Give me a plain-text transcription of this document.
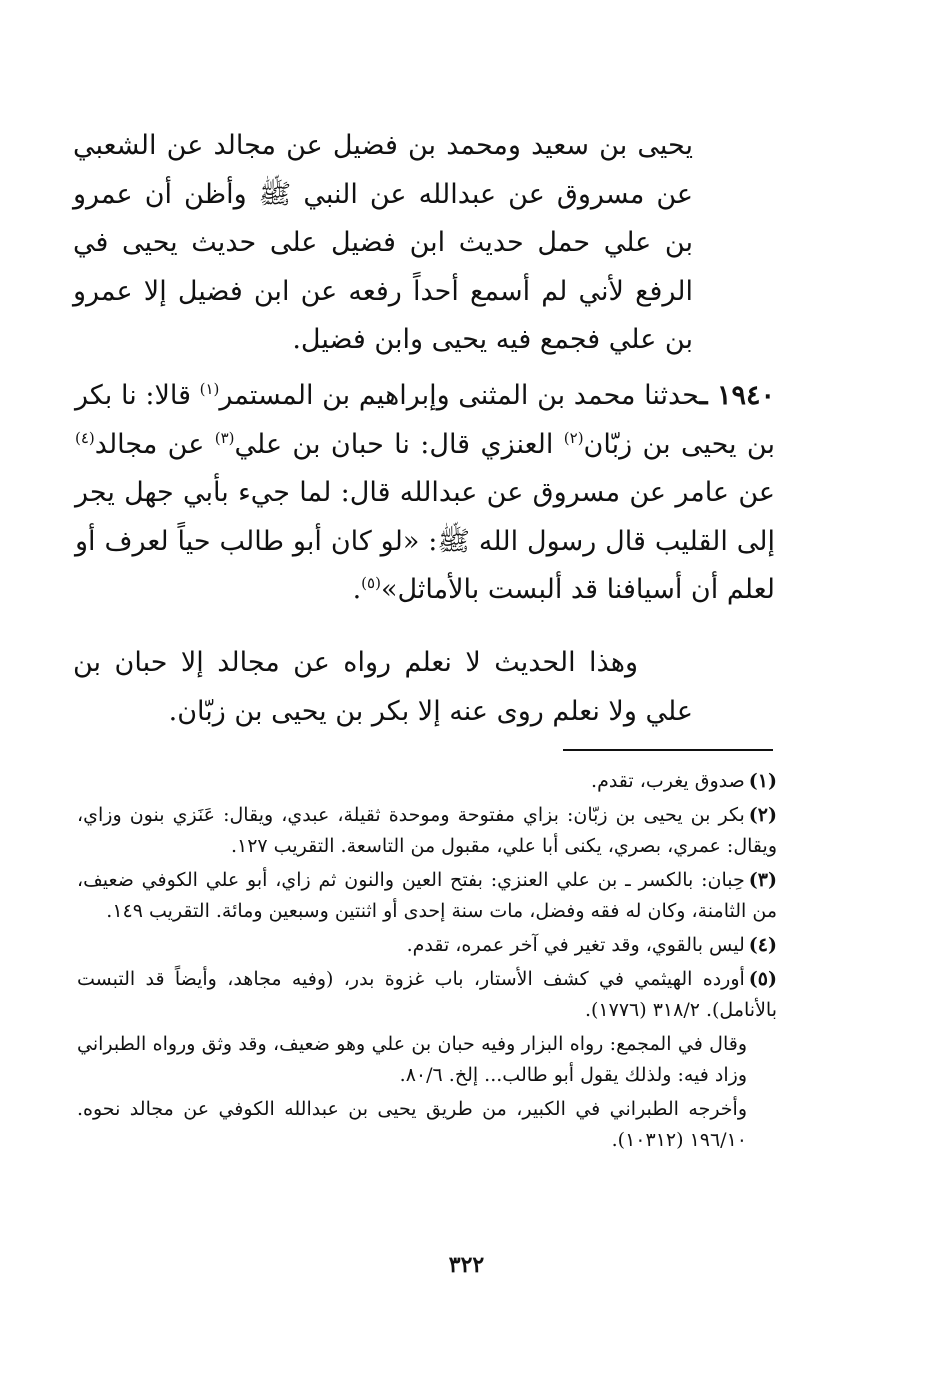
يحيى بن سعيد ومحمد بن فضيل عن مجالد عن الشعبي عن مسروق عن عبدالله عن النبي ﷺ وأظن أن عمرو بن علي حمل حديث ابن فضيل على حديث يحيى في الرفع لأني لم أسمع أحداً رفعه عن ابن فضيل إلا عمرو بن علي فجمع فيه يحيى وابن فضيل.

١٩٤٠ ـحدثنا محمد بن المثنى وإبراهيم بن المستمر$^{(١)}$ قالا: نا بكر بن يحيى بن زبّان$^{(٢)}$ العنزي قال: نا حبان بن علي$^{(٣)}$ عن مجالد$^{(٤)}$ عن عامر عن مسروق عن عبدالله قال: لما جيء بأبي جهل يجر إلى القليب قال رسول الله ﷺ: «لو كان أبو طالب حياً لعرف أو لعلم أن أسيافنا قد ألبست بالأماثل»$^{(٥)}$.

وهذا الحديث لا نعلم رواه عن مجالد إلا حبان بن علي ولا نعلم روى عنه إلا بكر بن يحيى بن زبّان.

(١)صدوق يغرب، تقدم.

(٢)بكر بن يحيى بن زبّان: بزاي مفتوحة وموحدة ثقيلة، عبدي، ويقال: عَنَزي بنون وزاي، ويقال: عمري، بصري، يكنى أبا علي، مقبول من التاسعة. التقريب ١٢٧.

(٣)حِبان: بالكسر ـ بن علي العنزي: بفتح العين والنون ثم زاي، أبو علي الكوفي ضعيف، من الثامنة، وكان له فقه وفضل، مات سنة إحدى أو اثنتين وسبعين ومائة. التقريب ١٤٩.

(٤)ليس بالقوي، وقد تغير في آخر عمره، تقدم.

(٥)أورده الهيثمي في كشف الأستار، باب غزوة بدر، (وفيه مجاهد، وأيضاً قد التبست بالأنامل). ٣١٨/٢ (١٧٧٦).

وقال في المجمع: رواه البزار وفيه حبان بن علي وهو ضعيف، وقد وثق ورواه الطبراني وزاد فيه: ولذلك يقول أبو طالب... إلخ. ٨٠/٦.

وأخرجه الطبراني في الكبير، من طريق يحيى بن عبدالله الكوفي عن مجالد نحوه. ١٩٦/١٠ (١٠٣١٢).

٣٢٢
